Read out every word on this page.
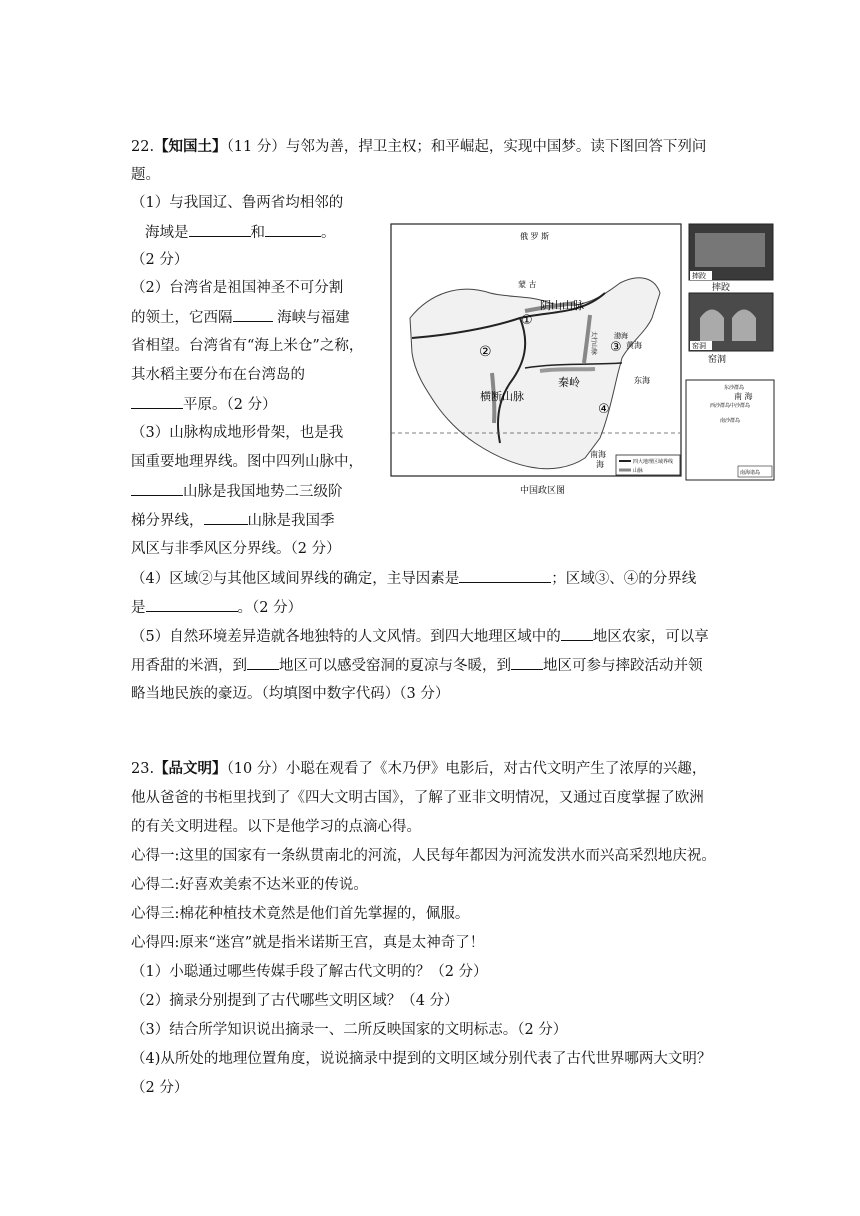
22.【知国土】（11 分）与邻为善，捍卫主权；和平崛起，实现中国梦。读下图回答下列问
题。
（1）与我国辽、鲁两省均相邻的
海域是	和	。
（2 分）
（2）台湾省是祖国神圣不可分割
的领土，它西隔	海峡与福建
省相望。台湾省有“海上米仓”之称，
其水稻主要分布在台湾岛的
平原。（2 分）
（3）山脉构成地形骨架，也是我
国重要地理界线。图中四列山脉中，
山脉是我国地势二三级阶
梯分界线，	山脉是我国季
风区与非季风区分界线。（2 分）
（4）区域②与其他区域间界线的确定，主导因素是	；区域③、④的分界线
是	。（2 分）
（5）自然环境差异造就各地独特的人文风情。到四大地理区域中的 地区农家，可以享
用香甜的米酒，到 地区可以感受窑洞的夏凉与冬暖，到 地区可参与摔跤活动并领
略当地民族的豪迈。（均填图中数字代码）（3 分）
俄 罗 斯
蒙 古
阴山山脉
太行山脉
横断山脉
秦岭
渤海
黄海
东海
南海
海
①
②	③
④
四大地理区域界线
山脉
摔跤
摔跤
窑洞
窑洞
东沙群岛
西沙群岛 中沙群岛
南沙群岛
南 海
南海诸岛
中国政区图
23.【品文明】（10 分）小聪在观看了《木乃伊》电影后，对古代文明产生了浓厚的兴趣，
他从爸爸的书柜里找到了《四大文明古国》，了解了亚非文明情况，又通过百度掌握了欧洲
的有关文明进程。以下是他学习的点滴心得。
心得一:这里的国家有一条纵贯南北的河流，人民每年都因为河流发洪水而兴高采烈地庆祝。
心得二:好喜欢美索不达米亚的传说。
心得三:棉花种植技术竟然是他们首先掌握的，佩服。
心得四:原来“迷宫”就是指米诺斯王宫，真是太神奇了！
（1）小聪通过哪些传媒手段了解古代文明的？（2 分）
（2）摘录分别提到了古代哪些文明区域？（4 分）
（3）结合所学知识说出摘录一、二所反映国家的文明标志。（2 分）
（4)从所处的地理位置角度，说说摘录中提到的文明区域分别代表了古代世界哪两大文明？
（2 分）
